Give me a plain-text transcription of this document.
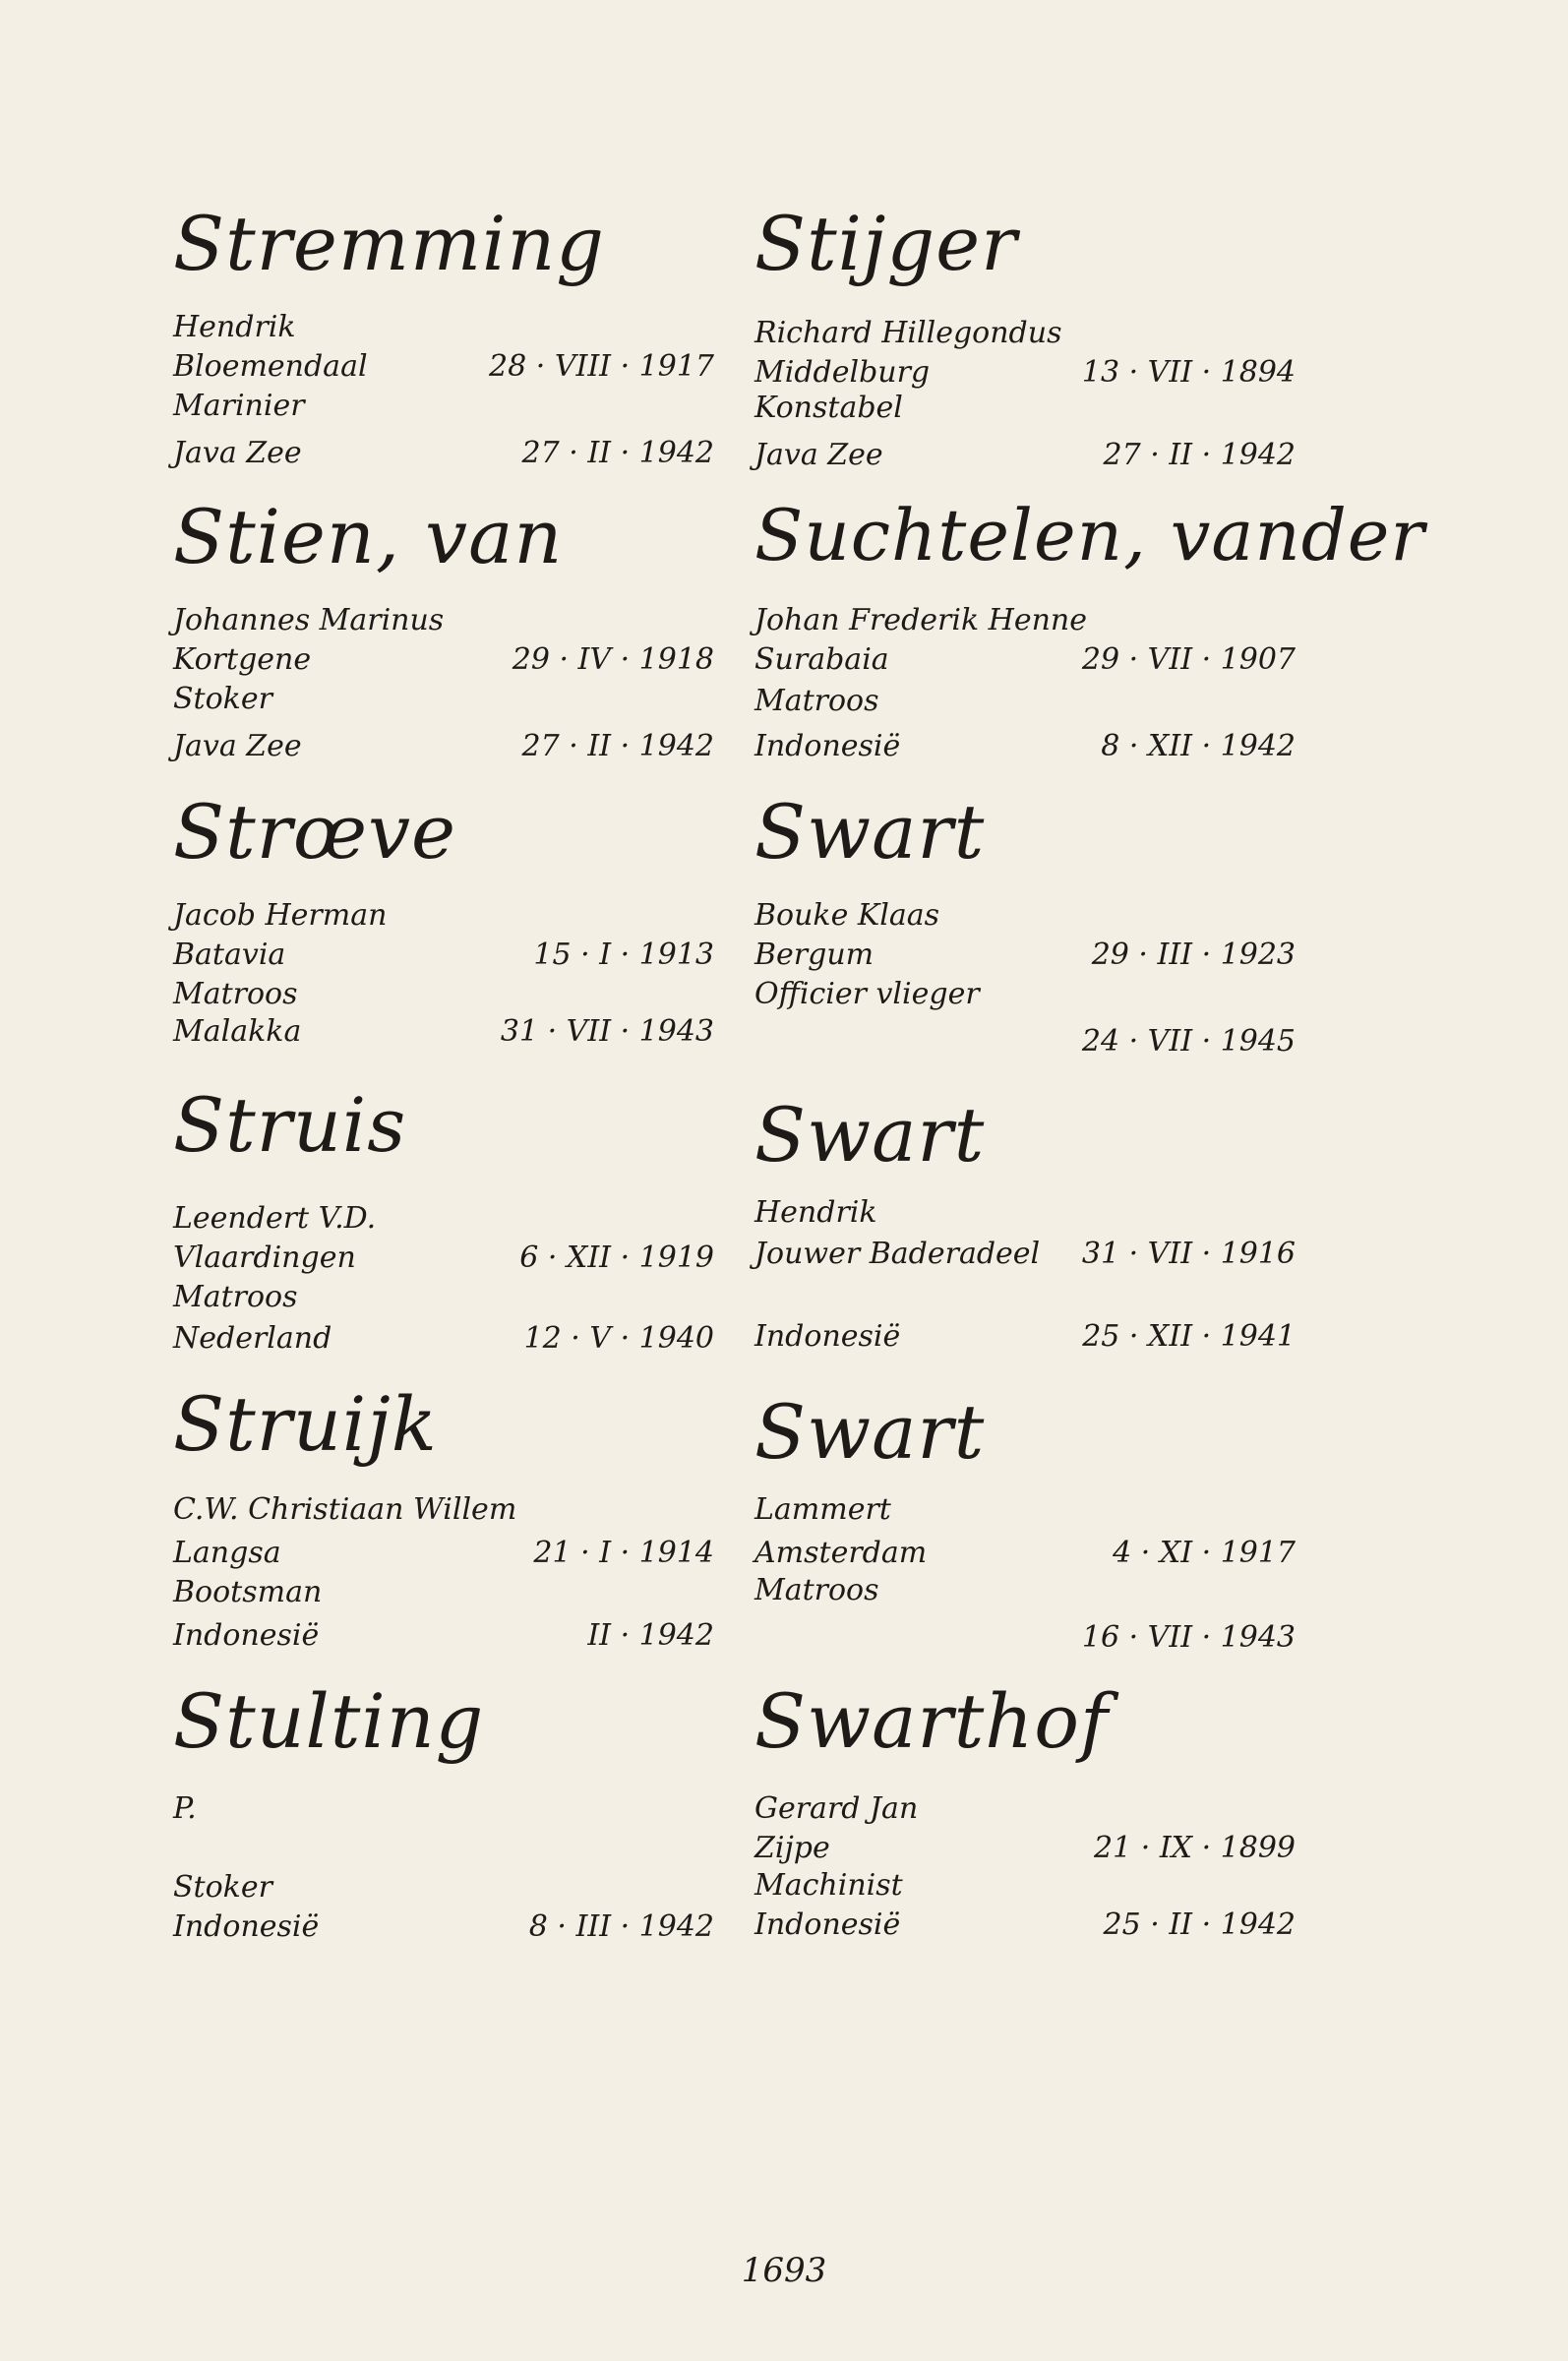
Stremming
Hendrik
Bloemendaal	28 · VIII · 1917
Marinier
Java Zee	27 · II · 1942
Stien, van
Johannes Marinus
Kortgene	29 · IV · 1918
Stoker
Java Zee	27 · II · 1942
Strœve
Jacob Herman
Batavia	15 · I · 1913
Matroos
Malakka	31 · VII · 1943
Struis
Leendert V.D.
Vlaardingen	6 · XII · 1919
Matroos
Nederland	12 · V · 1940
Struijk
C.W. Christiaan Willem
Langsa	21 · I · 1914
Bootsman
Indonesië	II · 1942
Stulting
P.
Stoker
Indonesië	8 · III · 1942
Stijger
Richard Hillegondus
Middelburg	13 · VII · 1894
Konstabel
Java Zee	27 · II · 1942
Suchtelen, vander
Johan Frederik Henne
Surabaia	29 · VII · 1907
Matroos
Indonesië	8 · XII · 1942
Swart
Bouke Klaas
Bergum	29 · III · 1923
Officier vlieger
24 · VII · 1945
Swart
Hendrik
Jouwer Baderadeel 31 · VII · 1916
Indonesië	25 · XII · 1941
Swart
Lammert
Amsterdam	4 · XI · 1917
Matroos
16 · VII · 1943
Swarthof
Gerard Jan
Zijpe	21 · IX · 1899
Machinist
Indonesië	25 · II · 1942
1693
